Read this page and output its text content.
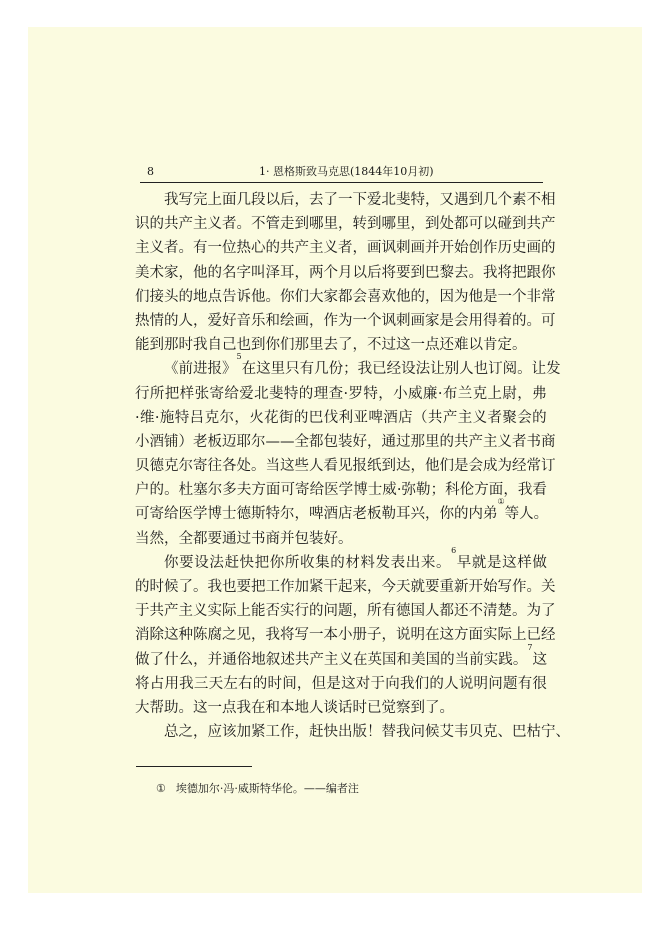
8	1· 恩格斯致马克思(1844年10月初)
我 写 完 上 面 几 段 以 后 ， 去 了 一 下 爱 北 斐 特 ， 又 遇 到 几 个 素 不 相
识 的 共 产 主 义 者 。 不 管 走 到 哪 里 ， 转 到 哪 里 ， 到 处 都 可 以 碰 到 共 产
主 义 者 。 有 一 位 热 心 的 共 产 主 义 者 ， 画 讽 刺 画 并 开 始 创 作 历 史 画 的
美 术 家 ， 他 的 名 字 叫 泽 耳 ， 两 个 月 以 后 将 要 到 巴 黎 去 。 我 将 把 跟 你
们 接 头 的 地 点 告 诉 他 。 你 们 大 家 都 会 喜 欢 他 的 ， 因 为 他 是 一 个 非 常
热 情 的 人 ， 爱 好 音 乐 和 绘 画 ， 作 为 一 个 讽 刺 画 家 是 会 用 得 着 的 。 可
能到那时我自己也到你们那里去了，不过这一点还难以肯定。
《 前 进 报 》
5
在 这 里 只 有 几 份 ； 我 已 经 设 法 让 别 人 也 订 阅 。 让 发
行 所 把 样 张 寄 给 爱 北 斐 特 的 理 查 · 罗 特 ， 小 威 廉 · 布 兰 克 上 尉 ， 弗
· 维 · 施 特 吕 克 尔 ， 火 花 街 的 巴 伐 利 亚 啤 酒 店 （ 共 产 主 义 者 聚 会 的
小 酒 铺 ） 老 板 迈 耶 尔 — — 全 都 包 装 好 ， 通 过 那 里 的 共 产 主 义 者 书 商
贝 德 克 尔 寄 往 各 处 。 当 这 些 人 看 见 报 纸 到 达 ， 他 们 是 会 成 为 经 常 订
户 的 。 杜 塞 尔 多 夫 方 面 可 寄 给 医 学 博 士 威 · 弥 勒 ； 科 伦 方 面 ， 我 看
可 寄 给 医 学 博 士 德 斯 特 尔 ， 啤 酒 店 老 板 勒 耳 兴 ， 你 的 内 弟
①
等 人 。
当然，全都要通过书商并包装好。
你 要 设 法 赶 快 把 你 所 收 集 的 材 料 发 表 出 来 。
6
早 就 是 这 样 做
的 时 候 了 。 我 也 要 把 工 作 加 紧 干 起 来 ， 今 天 就 要 重 新 开 始 写 作 。 关
于 共 产 主 义 实 际 上 能 否 实 行 的 问 题 ， 所 有 德 国 人 都 还 不 清 楚 。 为 了
消 除 这 种 陈 腐 之 见 ， 我 将 写 一 本 小 册 子 ， 说 明 在 这 方 面 实 际 上 已 经
做 了 什 么 ， 并 通 俗 地 叙 述 共 产 主 义 在 英 国 和 美 国 的 当 前 实 践 。
7
这
将 占 用 我 三 天 左 右 的 时 间 ， 但 是 这 对 于 向 我 们 的 人 说 明 问 题 有 很
大帮助。这一点我在和本地人谈话时已觉察到了。
总之，应该加紧工作，赶快出版！替我问候艾韦贝克、巴枯宁、
① 埃德加尔·冯·威斯特华伦。——编者注
